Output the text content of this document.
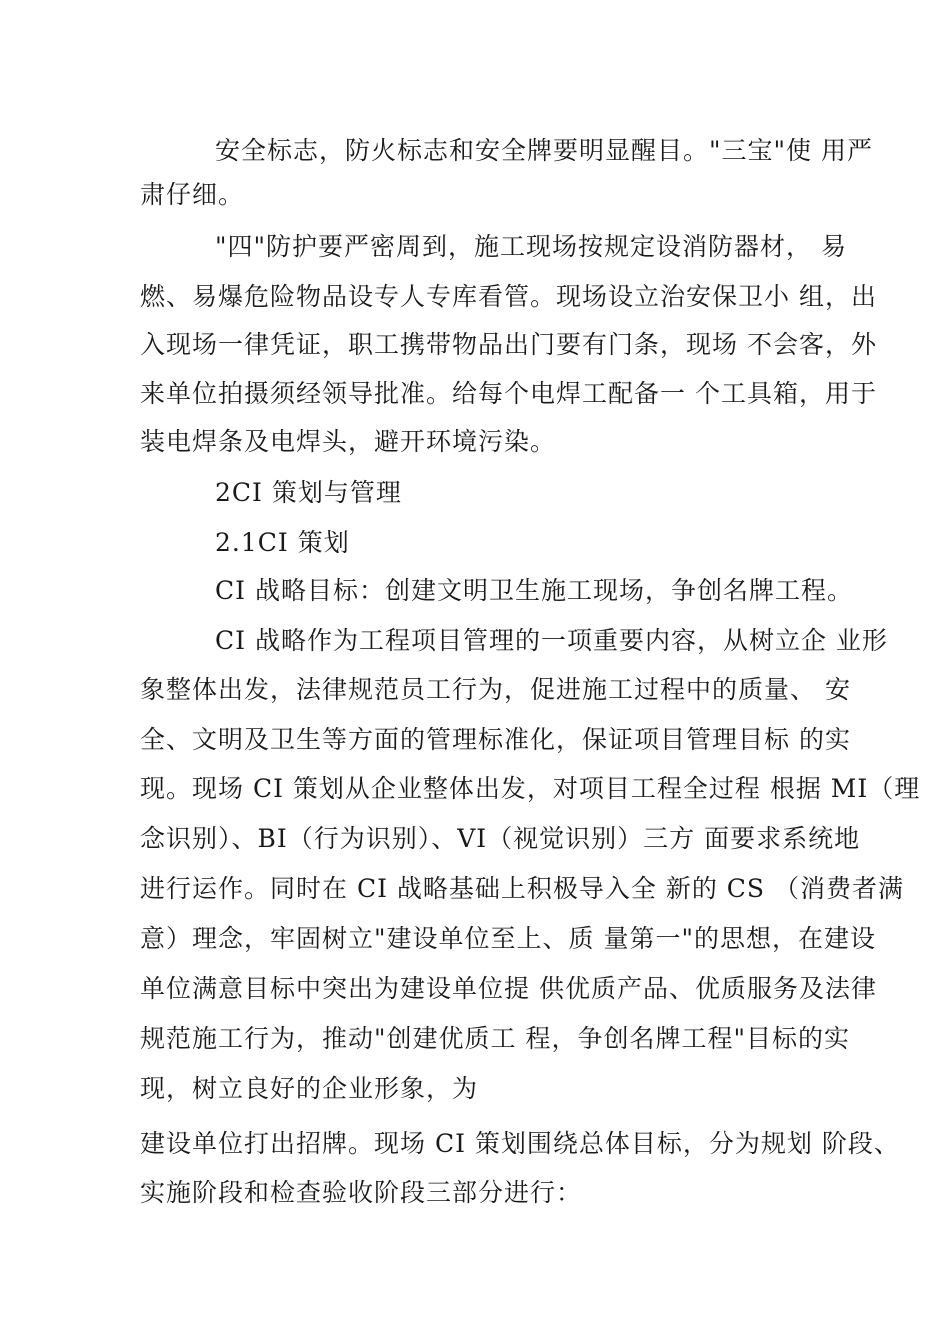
安全标志，防火标志和安全牌要明显醒目。"三宝"使 用严
肃仔细。
"四"防护要严密周到，施工现场按规定设消防器材， 易
燃、易爆危险物品设专人专库看管。现场设立治安保卫小 组，出
入现场一律凭证，职工携带物品出门要有门条，现场 不会客，外
来单位拍摄须经领导批准。给每个电焊工配备一 个工具箱，用于
装电焊条及电焊头，避开环境污染。
2CI 策划与管理
2.1CI 策划
CI 战略目标：创建文明卫生施工现场，争创名牌工程。
CI 战略作为工程项目管理的一项重要内容，从树立企 业形
象整体出发，法律规范员工行为，促进施工过程中的质量、 安
全、文明及卫生等方面的管理标准化，保证项目管理目标 的实
现。现场 CI 策划从企业整体出发，对项目工程全过程 根据 MI（理
念识别）、BI（行为识别）、VI（视觉识别）三方 面要求系统地
进行运作。同时在 CI 战略基础上积极导入全 新的 CS （消费者满
意）理念，牢固树立"建设单位至上、质 量第一"的思想，在建设
单位满意目标中突出为建设单位提 供优质产品、优质服务及法律
规范施工行为，推动"创建优质工 程，争创名牌工程"目标的实
现，树立良好的企业形象，为
建设单位打出招牌。现场 CI 策划围绕总体目标，分为规划 阶段、
实施阶段和检查验收阶段三部分进行：
